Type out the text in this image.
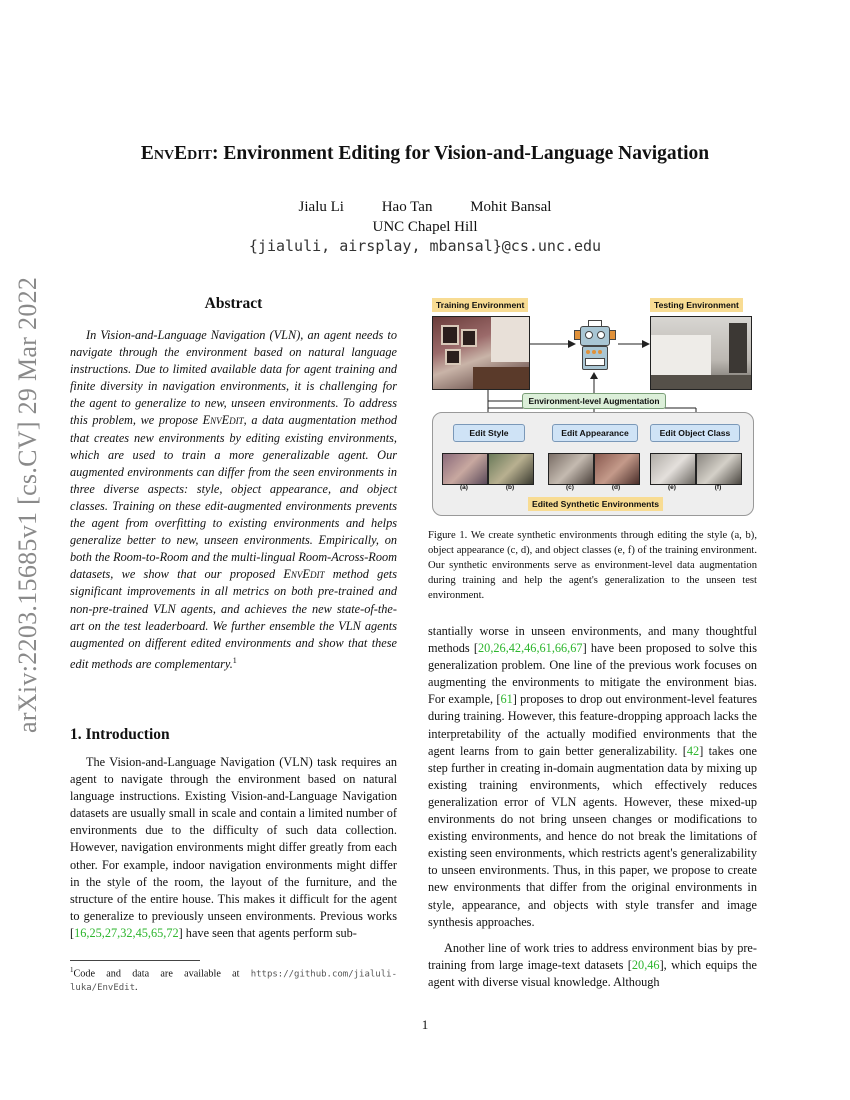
arXiv:2203.15685v1 [cs.CV] 29 Mar 2022
EnvEdit: Environment Editing for Vision-and-Language Navigation
Jialu Li	Hao Tan	Mohit Bansal
UNC Chapel Hill
{jialuli, airsplay, mbansal}@cs.unc.edu
Abstract
In Vision-and-Language Navigation (VLN), an agent needs to navigate through the environment based on natural language instructions. Due to limited available data for agent training and finite diversity in navigation environments, it is challenging for the agent to generalize to new, unseen environments. To address this problem, we propose EnvEdit, a data augmentation method that creates new environments by editing existing environments, which are used to train a more generalizable agent. Our augmented environments can differ from the seen environments in three diverse aspects: style, object appearance, and object classes. Training on these edit-augmented environments prevents the agent from overfitting to existing environments and helps generalize better to new, unseen environments. Empirically, on both the Room-to-Room and the multi-lingual Room-Across-Room datasets, we show that our proposed EnvEdit method gets significant improvements in all metrics on both pre-trained and non-pre-trained VLN agents, and achieves the new state-of-the-art on the test leaderboard. We further ensemble the VLN agents augmented on different edited environments and show that these edit methods are complementary.$^1$
1. Introduction
The Vision-and-Language Navigation (VLN) task requires an agent to navigate through the environment based on natural language instructions. Existing Vision-and-Language Navigation datasets are usually small in scale and contain a limited number of environments due to the difficulty of such data collection. However, navigation environments might differ greatly from each other. For example, indoor navigation environments might differ in the style of the room, the layout of the furniture, and the structure of the entire house. This makes it difficult for the agent to generalize to previously unseen environments. Previous works [16,25,27,32,45,65,72] have seen that agents perform sub-
$^1$Code and data are available at https://github.com/jialuli-luka/EnvEdit.
Training Environment	Testing Environment
Environment-level Augmentation
Edit Style	Edit Appearance	Edit Object Class
(a)	(b)	(c)	(d)	(e)	(f)
Edited Synthetic Environments
Figure 1. We create synthetic environments through editing the style (a, b), object appearance (c, d), and object classes (e, f) of the training environment. Our synthetic environments serve as environment-level data augmentation during training and help the agent's generalization to the unseen test environment.
stantially worse in unseen environments, and many thoughtful methods [20,26,42,46,61,66,67] have been proposed to solve this generalization problem. One line of the previous work focuses on augmenting the environments to mitigate the environment bias. For example, [61] proposes to drop out environment-level features during training. However, this feature-dropping approach lacks the interpretability of the actually modified environments that the agent learns from to gain better generalizability. [42] takes one step further in creating in-domain augmentation data by mixing up existing training environments, which effectively reduces generalization error of VLN agents. However, these mixed-up environments do not bring unseen changes or modifications to existing environments, and hence do not break the limitations of existing seen environments, which restricts agent's generalizability to unseen environments. Thus, in this paper, we propose to create new environments that differ from the original environments in style, appearance, and objects with style transfer and image synthesis approaches.
Another line of work tries to address environment bias by pre-training from large image-text datasets [20,46], which equips the agent with diverse visual knowledge. Although
1
